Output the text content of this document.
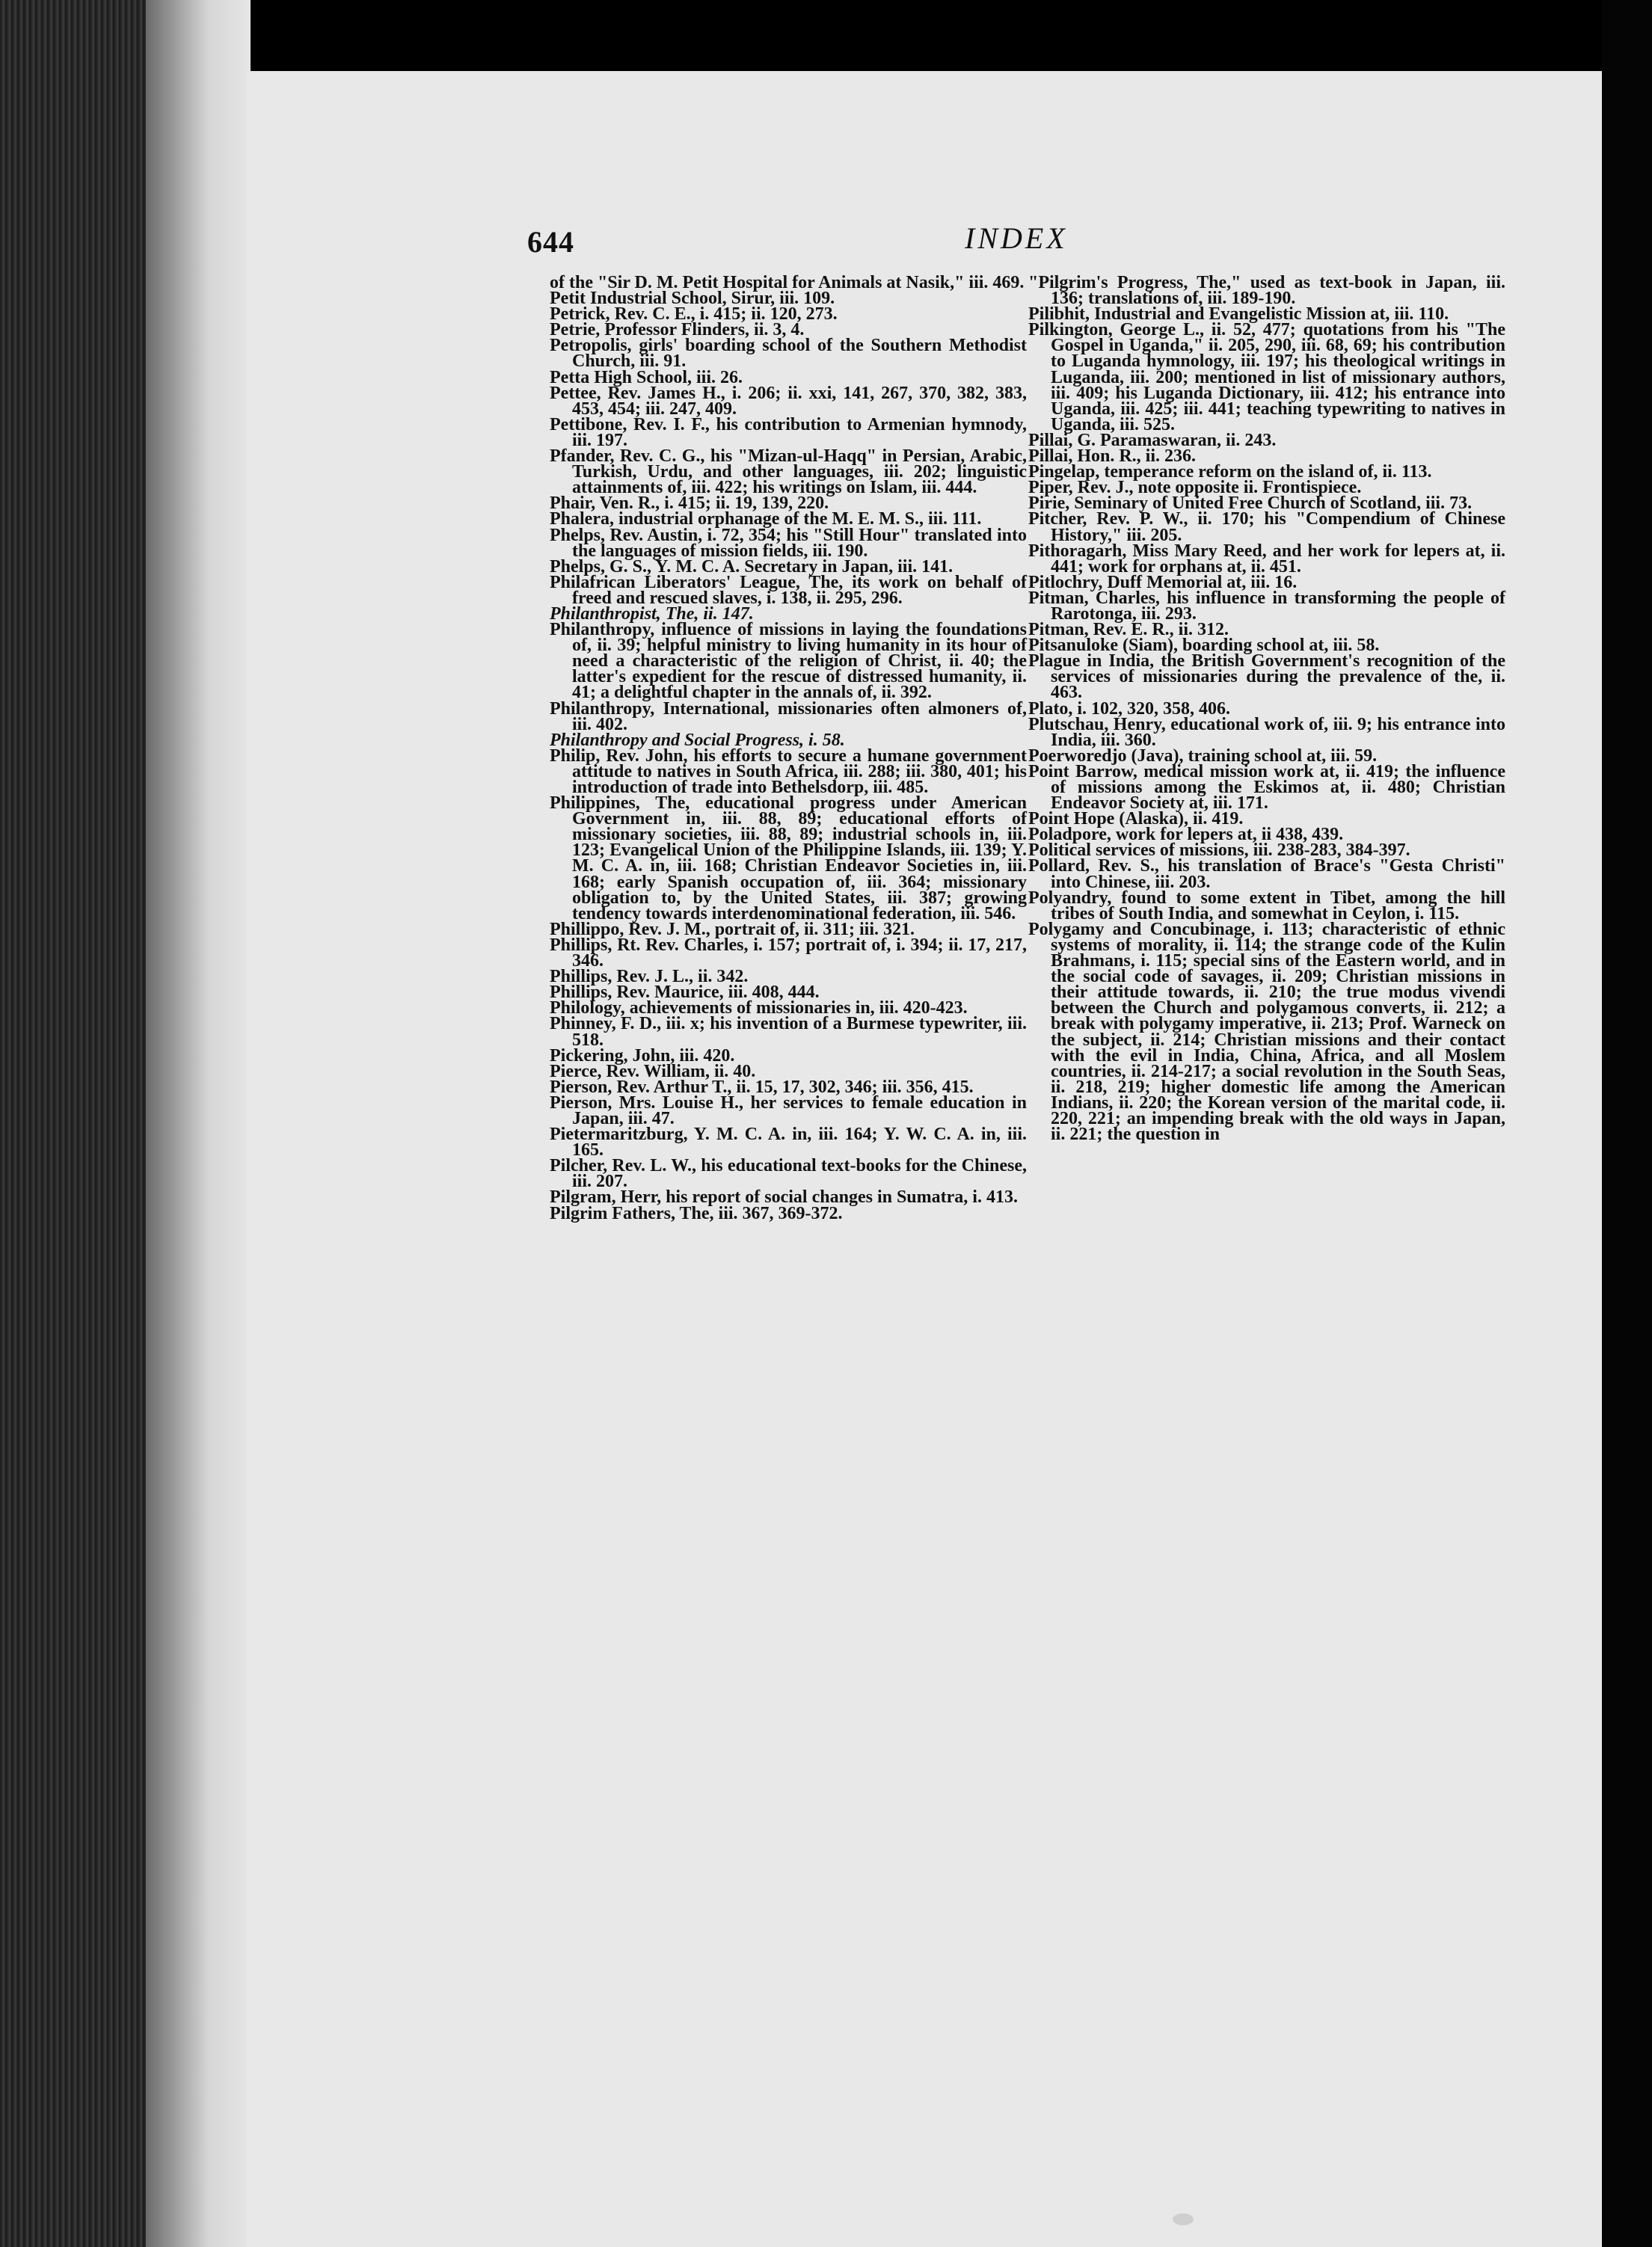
644	INDEX

of the "Sir D. M. Petit Hospital for Animals at Nasik," iii. 469.

Petit Industrial School, Sirur, iii. 109.

Petrick, Rev. C. E., i. 415; ii. 120, 273.

Petrie, Professor Flinders, ii. 3, 4.

Petropolis, girls' boarding school of the Southern Methodist Church, iii. 91.

Petta High School, iii. 26.

Pettee, Rev. James H., i. 206; ii. xxi, 141, 267, 370, 382, 383, 453, 454; iii. 247, 409.

Pettibone, Rev. I. F., his contribution to Armenian hymnody, iii. 197.

Pfander, Rev. C. G., his "Mizan-ul-Haqq" in Persian, Arabic, Turkish, Urdu, and other languages, iii. 202; linguistic attainments of, iii. 422; his writings on Islam, iii. 444.

Phair, Ven. R., i. 415; ii. 19, 139, 220.

Phalera, industrial orphanage of the M. E. M. S., iii. 111.

Phelps, Rev. Austin, i. 72, 354; his "Still Hour" translated into the languages of mission fields, iii. 190.

Phelps, G. S., Y. M. C. A. Secretary in Japan, iii. 141.

Philafrican Liberators' League, The, its work on behalf of freed and rescued slaves, i. 138, ii. 295, 296.

Philanthropist, The, ii. 147.

Philanthropy, influence of missions in laying the foundations of, ii. 39; helpful ministry to living humanity in its hour of need a characteristic of the religion of Christ, ii. 40; the latter's expedient for the rescue of distressed humanity, ii. 41; a delightful chapter in the annals of, ii. 392.

Philanthropy, International, missionaries often almoners of, iii. 402.

Philanthropy and Social Progress, i. 58.

Philip, Rev. John, his efforts to secure a humane government attitude to natives in South Africa, iii. 288; iii. 380, 401; his introduction of trade into Bethelsdorp, iii. 485.

Philippines, The, educational progress under American Government in, iii. 88, 89; educational efforts of missionary societies, iii. 88, 89; industrial schools in, iii. 123; Evangelical Union of the Philippine Islands, iii. 139; Y. M. C. A. in, iii. 168; Christian Endeavor Societies in, iii. 168; early Spanish occupation of, iii. 364; missionary obligation to, by the United States, iii. 387; growing tendency towards interdenominational federation, iii. 546.

Phillippo, Rev. J. M., portrait of, ii. 311; iii. 321.

Phillips, Rt. Rev. Charles, i. 157; portrait of, i. 394; ii. 17, 217, 346.

Phillips, Rev. J. L., ii. 342.

Phillips, Rev. Maurice, iii. 408, 444.

Philology, achievements of missionaries in, iii. 420-423.

Phinney, F. D., iii. x; his invention of a Burmese typewriter, iii. 518.

Pickering, John, iii. 420.

Pierce, Rev. William, ii. 40.

Pierson, Rev. Arthur T., ii. 15, 17, 302, 346; iii. 356, 415.

Pierson, Mrs. Louise H., her services to female education in Japan, iii. 47.

Pietermaritzburg, Y. M. C. A. in, iii. 164; Y. W. C. A. in, iii. 165.

Pilcher, Rev. L. W., his educational text-books for the Chinese, iii. 207.

Pilgram, Herr, his report of social changes in Sumatra, i. 413.

Pilgrim Fathers, The, iii. 367, 369-372.

"Pilgrim's Progress, The," used as text-book in Japan, iii. 136; translations of, iii. 189-190.

Pilibhit, Industrial and Evangelistic Mission at, iii. 110.

Pilkington, George L., ii. 52, 477; quotations from his "The Gospel in Uganda," ii. 205, 290, iii. 68, 69; his contribution to Luganda hymnology, iii. 197; his theological writings in Luganda, iii. 200; mentioned in list of missionary authors, iii. 409; his Luganda Dictionary, iii. 412; his entrance into Uganda, iii. 425; iii. 441; teaching typewriting to natives in Uganda, iii. 525.

Pillai, G. Paramaswaran, ii. 243.

Pillai, Hon. R., ii. 236.

Pingelap, temperance reform on the island of, ii. 113.

Piper, Rev. J., note opposite ii. Frontispiece.

Pirie, Seminary of United Free Church of Scotland, iii. 73.

Pitcher, Rev. P. W., ii. 170; his "Compendium of Chinese History," iii. 205.

Pithoragarh, Miss Mary Reed, and her work for lepers at, ii. 441; work for orphans at, ii. 451.

Pitlochry, Duff Memorial at, iii. 16.

Pitman, Charles, his influence in transforming the people of Rarotonga, iii. 293.

Pitman, Rev. E. R., ii. 312.

Pitsanuloke (Siam), boarding school at, iii. 58.

Plague in India, the British Government's recognition of the services of missionaries during the prevalence of the, ii. 463.

Plato, i. 102, 320, 358, 406.

Plutschau, Henry, educational work of, iii. 9; his entrance into India, iii. 360.

Poerworedjo (Java), training school at, iii. 59.

Point Barrow, medical mission work at, ii. 419; the influence of missions among the Eskimos at, ii. 480; Christian Endeavor Society at, iii. 171.

Point Hope (Alaska), ii. 419.

Poladpore, work for lepers at, ii 438, 439.

Political services of missions, iii. 238-283, 384-397.

Pollard, Rev. S., his translation of Brace's "Gesta Christi" into Chinese, iii. 203.

Polyandry, found to some extent in Tibet, among the hill tribes of South India, and somewhat in Ceylon, i. 115.

Polygamy and Concubinage, i. 113; characteristic of ethnic systems of morality, ii. 114; the strange code of the Kulin Brahmans, i. 115; special sins of the Eastern world, and in the social code of savages, ii. 209; Christian missions in their attitude towards, ii. 210; the true modus vivendi between the Church and polygamous converts, ii. 212; a break with polygamy imperative, ii. 213; Prof. Warneck on the subject, ii. 214; Christian missions and their contact with the evil in India, China, Africa, and all Moslem countries, ii. 214-217; a social revolution in the South Seas, ii. 218, 219; higher domestic life among the American Indians, ii. 220; the Korean version of the marital code, ii. 220, 221; an impending break with the old ways in Japan, ii. 221; the question in
